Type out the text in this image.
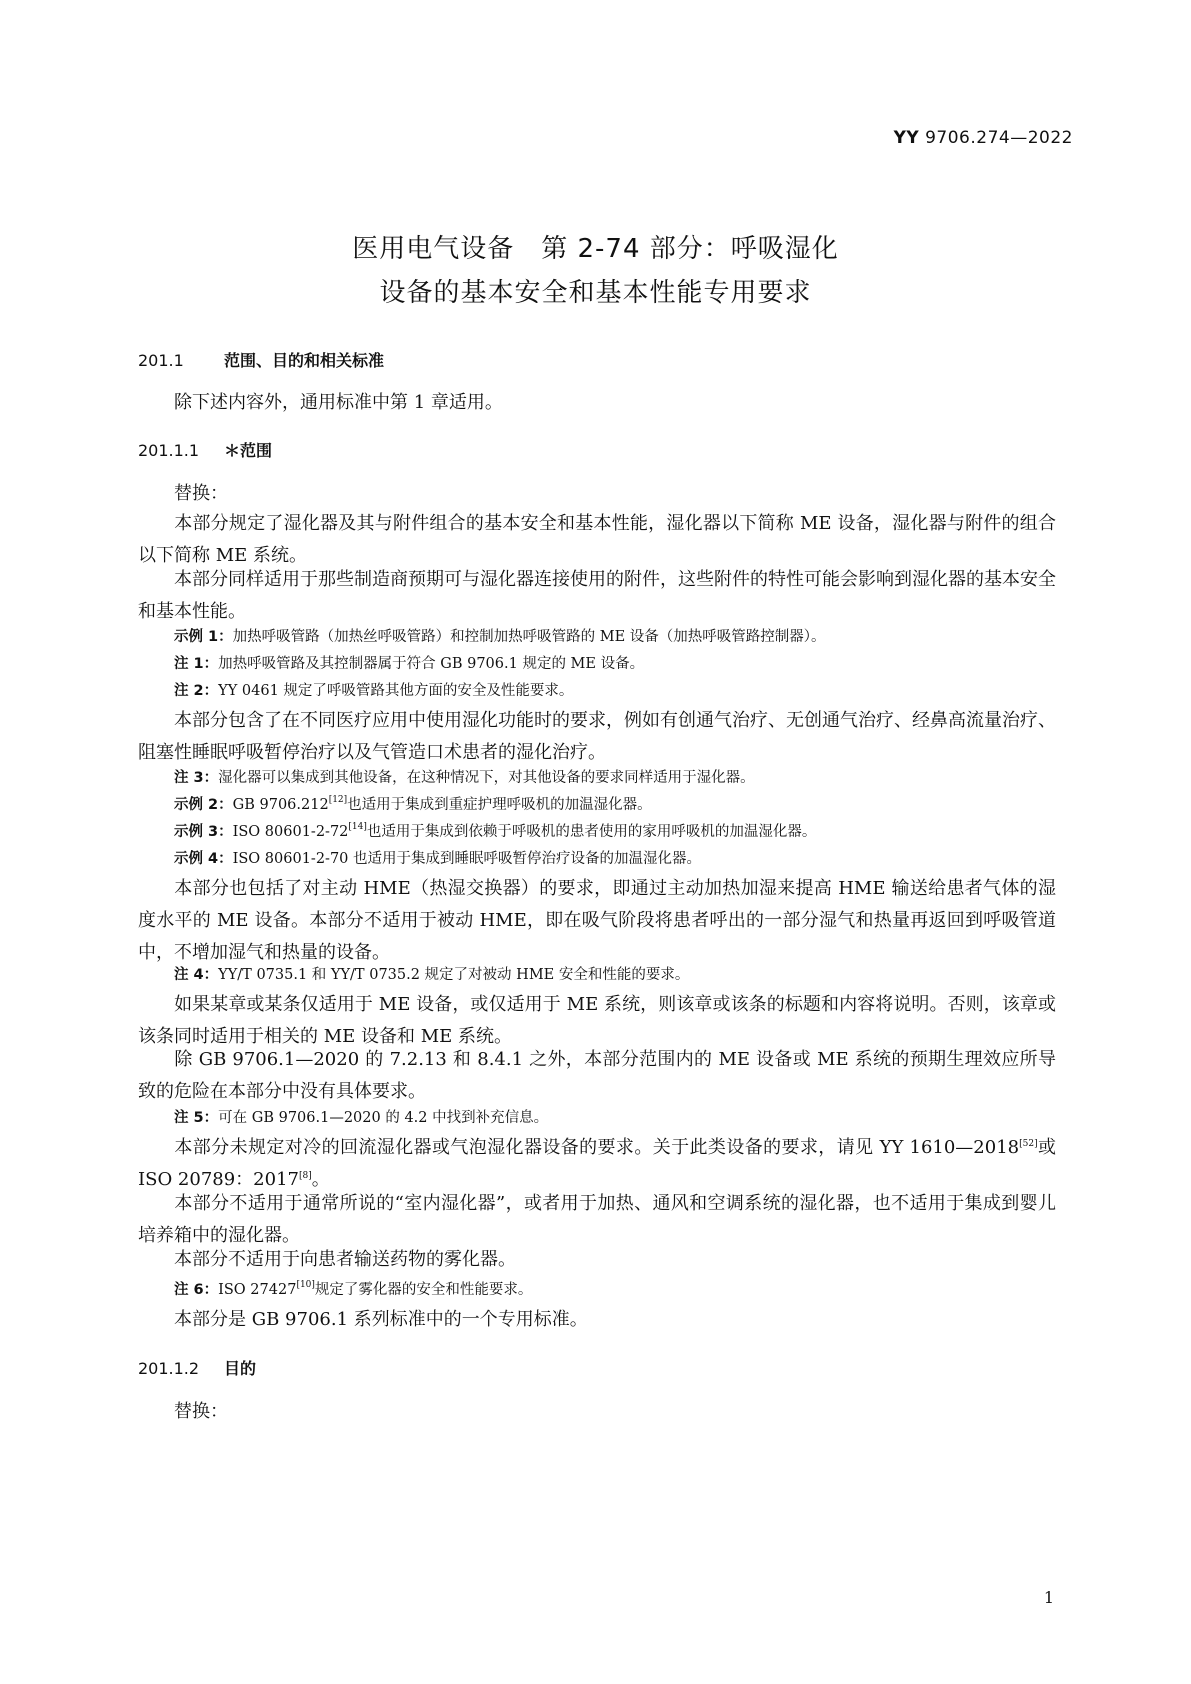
YY 9706.274—2022
医用电气设备　第 2-74 部分：呼吸湿化
设备的基本安全和基本性能专用要求
201.1	范围、目的和相关标准
除下述内容外，通用标准中第 1 章适用。
201.1.1 ＊范围
替换：
本部分规定了湿化器及其与附件组合的基本安全和基本性能，湿化器以下简称 ME 设备，湿化器与附件的组合以下简称 ME 系统。
本部分同样适用于那些制造商预期可与湿化器连接使用的附件，这些附件的特性可能会影响到湿化器的基本安全和基本性能。
示例 1：加热呼吸管路（加热丝呼吸管路）和控制加热呼吸管路的 ME 设备（加热呼吸管路控制器）。
注 1：加热呼吸管路及其控制器属于符合 GB 9706.1 规定的 ME 设备。
注 2：YY 0461 规定了呼吸管路其他方面的安全及性能要求。
本部分包含了在不同医疗应用中使用湿化功能时的要求，例如有创通气治疗、无创通气治疗、经鼻高流量治疗、阻塞性睡眠呼吸暂停治疗以及气管造口术患者的湿化治疗。
注 3：湿化器可以集成到其他设备，在这种情况下，对其他设备的要求同样适用于湿化器。
示例 2：GB 9706.212[12]也适用于集成到重症护理呼吸机的加温湿化器。
示例 3：ISO 80601-2-72[14]也适用于集成到依赖于呼吸机的患者使用的家用呼吸机的加温湿化器。
示例 4：ISO 80601-2-70 也适用于集成到睡眠呼吸暂停治疗设备的加温湿化器。
本部分也包括了对主动 HME（热湿交换器）的要求，即通过主动加热加湿来提高 HME 输送给患者气体的湿度水平的 ME 设备。本部分不适用于被动 HME，即在吸气阶段将患者呼出的一部分湿气和热量再返回到呼吸管道中，不增加湿气和热量的设备。
注 4：YY/T 0735.1 和 YY/T 0735.2 规定了对被动 HME 安全和性能的要求。
如果某章或某条仅适用于 ME 设备，或仅适用于 ME 系统，则该章或该条的标题和内容将说明。否则，该章或该条同时适用于相关的 ME 设备和 ME 系统。
除 GB 9706.1—2020 的 7.2.13 和 8.4.1 之外，本部分范围内的 ME 设备或 ME 系统的预期生理效应所导致的危险在本部分中没有具体要求。
注 5：可在 GB 9706.1—2020 的 4.2 中找到补充信息。
本部分未规定对冷的回流湿化器或气泡湿化器设备的要求。关于此类设备的要求，请见 YY 1610—2018[52]或 ISO 20789：2017[8]。
本部分不适用于通常所说的“室内湿化器”，或者用于加热、通风和空调系统的湿化器，也不适用于集成到婴儿培养箱中的湿化器。
本部分不适用于向患者输送药物的雾化器。
注 6：ISO 27427[10]规定了雾化器的安全和性能要求。
本部分是 GB 9706.1 系列标准中的一个专用标准。
201.1.2 目的
替换：
1
